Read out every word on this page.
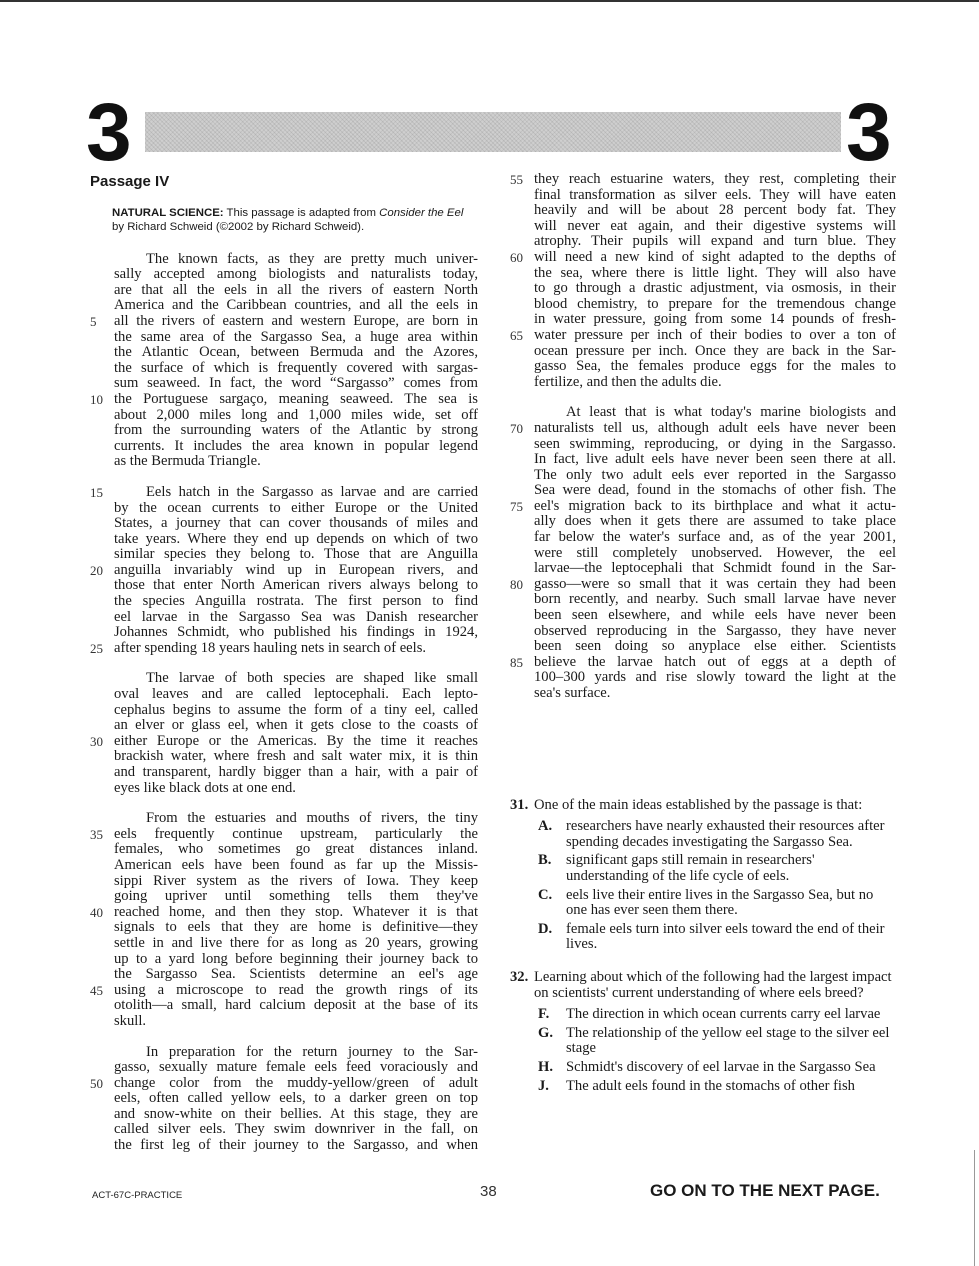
3	3
Passage IV
NATURAL SCIENCE: This passage is adapted from Consider the Eel by Richard Schweid (©2002 by Richard Schweid).
The known facts, as they are pretty much univer-
sally accepted among biologists and naturalists today,
are that all the eels in all the rivers of eastern North
America and the Caribbean countries, and all the eels in
5	all the rivers of eastern and western Europe, are born in
the same area of the Sargasso Sea, a huge area within
the Atlantic Ocean, between Bermuda and the Azores,
the surface of which is frequently covered with sargas-
sum seaweed. In fact, the word “Sargasso” comes from
10 the Portuguese sargaço, meaning seaweed. The sea is
about 2,000 miles long and 1,000 miles wide, set off
from the surrounding waters of the Atlantic by strong
currents. It includes the area known in popular legend
as the Bermuda Triangle.
15	Eels hatch in the Sargasso as larvae and are carried
by the ocean currents to either Europe or the United
States, a journey that can cover thousands of miles and
take years. Where they end up depends on which of two
similar species they belong to. Those that are Anguilla
20 anguilla invariably wind up in European rivers, and
those that enter North American rivers always belong to
the species Anguilla rostrata. The first person to find
eel larvae in the Sargasso Sea was Danish researcher
Johannes Schmidt, who published his findings in 1924,
25 after spending 18 years hauling nets in search of eels.
The larvae of both species are shaped like small
oval leaves and are called leptocephali. Each lepto-
cephalus begins to assume the form of a tiny eel, called
an elver or glass eel, when it gets close to the coasts of
30 either Europe or the Americas. By the time it reaches
brackish water, where fresh and salt water mix, it is thin
and transparent, hardly bigger than a hair, with a pair of
eyes like black dots at one end.
From the estuaries and mouths of rivers, the tiny
35 eels frequently continue upstream, particularly the
females, who sometimes go great distances inland.
American eels have been found as far up the Missis-
sippi River system as the rivers of Iowa. They keep
going upriver until something tells them they've
40 reached home, and then they stop. Whatever it is that
signals to eels that they are home is definitive—they
settle in and live there for as long as 20 years, growing
up to a yard long before beginning their journey back to
the Sargasso Sea. Scientists determine an eel's age
45 using a microscope to read the growth rings of its
otolith—a small, hard calcium deposit at the base of its
skull.
In preparation for the return journey to the Sar-
gasso, sexually mature female eels feed voraciously and
50 change color from the muddy-yellow/green of adult
eels, often called yellow eels, to a darker green on top
and snow-white on their bellies. At this stage, they are
called silver eels. They swim downriver in the fall, on
the first leg of their journey to the Sargasso, and when
55 they reach estuarine waters, they rest, completing their
final transformation as silver eels. They will have eaten
heavily and will be about 28 percent body fat. They
will never eat again, and their digestive systems will
atrophy. Their pupils will expand and turn blue. They
60 will need a new kind of sight adapted to the depths of
the sea, where there is little light. They will also have
to go through a drastic adjustment, via osmosis, in their
blood chemistry, to prepare for the tremendous change
in water pressure, going from some 14 pounds of fresh-
65 water pressure per inch of their bodies to over a ton of
ocean pressure per inch. Once they are back in the Sar-
gasso Sea, the females produce eggs for the males to
fertilize, and then the adults die.
At least that is what today's marine biologists and
70 naturalists tell us, although adult eels have never been
seen swimming, reproducing, or dying in the Sargasso.
In fact, live adult eels have never been seen there at all.
The only two adult eels ever reported in the Sargasso
Sea were dead, found in the stomachs of other fish. The
75 eel's migration back to its birthplace and what it actu-
ally does when it gets there are assumed to take place
far below the water's surface and, as of the year 2001,
were still completely unobserved. However, the eel
larvae—the leptocephali that Schmidt found in the Sar-
80 gasso—were so small that it was certain they had been
born recently, and nearby. Such small larvae have never
been seen elsewhere, and while eels have never been
observed reproducing in the Sargasso, they have never
been seen doing so anyplace else either. Scientists
85 believe the larvae hatch out of eggs at a depth of
100–300 yards and rise slowly toward the light at the
sea's surface.
31. One of the main ideas established by the passage is that:
A. researchers have nearly exhausted their resources after spending decades investigating the Sargasso Sea.
B. significant gaps still remain in researchers' understanding of the life cycle of eels.
C. eels live their entire lives in the Sargasso Sea, but no one has ever seen them there.
D. female eels turn into silver eels toward the end of their lives.
32. Learning about which of the following had the largest impact on scientists' current understanding of where eels breed?
F. The direction in which ocean currents carry eel larvae
G. The relationship of the yellow eel stage to the silver eel stage
H. Schmidt's discovery of eel larvae in the Sargasso Sea
J. The adult eels found in the stomachs of other fish
ACT-67C-PRACTICE	38	GO ON TO THE NEXT PAGE.
